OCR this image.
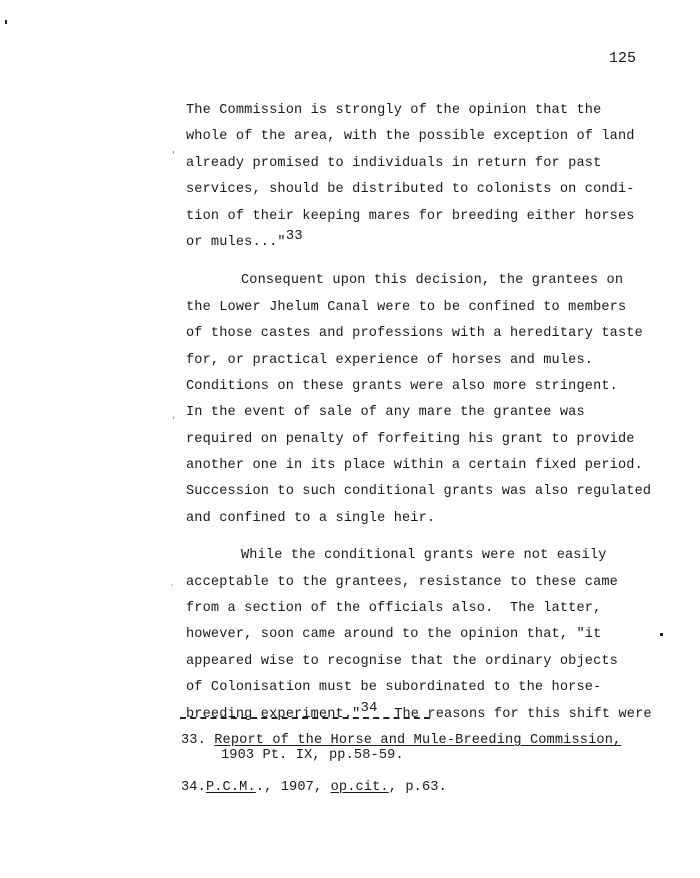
'
,
`
125
The Commission is strongly of the opinion that the
whole of the area, with the possible exception of land
already promised to individuals in return for past
services, should be distributed to colonists on condi-
tion of their keeping mares for breeding either horses
or mules..."$^{33}$
Consequent upon this decision, the grantees on
the Lower Jhelum Canal were to be confined to members
of those castes and professions with a hereditary taste
for, or practical experience of horses and mules.
Conditions on these grants were also more stringent.
In the event of sale of any mare the grantee was
required on penalty of forfeiting his grant to provide
another one in its place within a certain fixed period.
Succession to such conditional grants was also regulated
and confined to a single heir.
While the conditional grants were not easily
acceptable to the grantees, resistance to these came
from a section of the officials also.  The latter,
however, soon came around to the opinion that, "it
appeared wise to recognise that the ordinary objects
of Colonisation must be subordinated to the horse-
breeding experiment."$^{34}$  The reasons for this shift were
33. Report of the Horse and Mule-Breeding Commission,
1903 Pt. IX, pp.58-59.
34.P.C.M.., 1907, op.cit., p.63.
